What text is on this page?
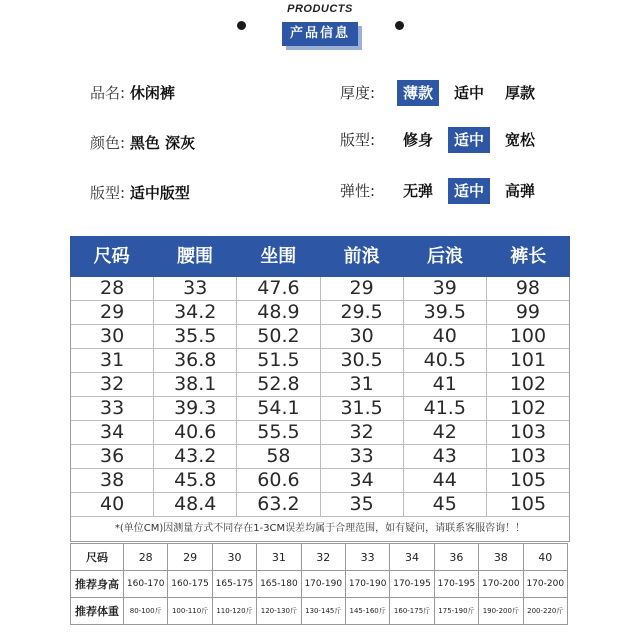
PRODUCTS
产品信息
品名: 休闲裤
颜色: 黑色 深灰
版型: 适中版型
厚度:	薄款	适中	厚款
版型:	修身	适中	宽松
弹性:	无弹	适中	高弹
尺码	腰围	坐围	前浪	后浪	裤长
28	33	47.6	29	39	98
29	34.2	48.9	29.5	39.5	99
30	35.5	50.2	30	40	100
31	36.8	51.5	30.5	40.5	101
32	38.1	52.8	31	41	102
33	39.3	54.1	31.5	41.5	102
34	40.6	55.5	32	42	103
36	43.2	58	33	43	103
38	45.8	60.6	34	44	105
40	48.4	63.2	35	45	105
*(单位CM)因测量方式不同存在1-3CM误差均属于合理范围，如有疑问，请联系客服咨询！！
尺码	28	29	30	31	32	33	34	36	38	40
推荐身高	160-170	160-175	165-175	165-180	170-190	170-190	170-195	170-195	170-200	170-200
推荐体重	80-100斤	100-110斤	110-120斤	120-130斤	130-145斤	145-160斤	160-175斤	175-190斤	190-200斤	200-220斤
